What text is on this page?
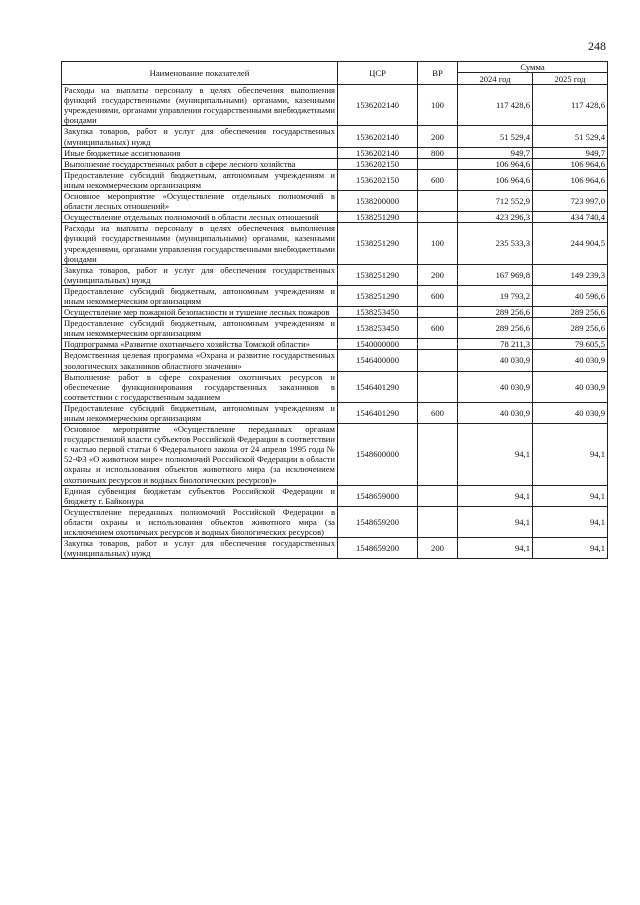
248
Наименование показателей	ЦСР	ВР	Сумма	
			2024 год	2025 год
Расходы на выплаты персоналу в целях обеспечения выполнения функций государственными (муниципальными) органами, казенными учреждениями, органами управления государственными внебюджетными фондами	1536202140	100	117 428,6	117 428,6
Закупка товаров, работ и услуг для обеспечения государственных (муниципальных) нужд	1536202140	200	51 529,4	51 529,4
Иные бюджетные ассигнования	1536202140	800	949,7	949,7
Выполнение государственных работ в сфере лесного хозяйства	1536202150		106 964,6	106 964,6
Предоставление субсидий бюджетным, автономным учреждениям и иным некоммерческим организациям	1536202150	600	106 964,6	106 964,6
Основное мероприятие «Осуществление отдельных полномочий в области лесных отношений»	1538200000		712 552,9	723 997,0
Осуществление отдельных полномочий в области лесных отношений	1538251290		423 296,3	434 740,4
Расходы на выплаты персоналу в целях обеспечения выполнения функций государственными (муниципальными) органами, казенными учреждениями, органами управления государственными внебюджетными фондами	1538251290	100	235 533,3	244 904,5
Закупка товаров, работ и услуг для обеспечения государственных (муниципальных) нужд	1538251290	200	167 969,8	149 239,3
Предоставление субсидий бюджетным, автономным учреждениям и иным некоммерческим организациям	1538251290	600	19 793,2	40 596,6
Осуществление мер пожарной безопасности и тушение лесных пожаров	1538253450		289 256,6	289 256,6
Предоставление субсидий бюджетным, автономным учреждениям и иным некоммерческим организациям	1538253450	600	289 256,6	289 256,6
Подпрограмма «Развитие охотничьего хозяйства Томской области»	1540000000		78 211,3	79 605,5
Ведомственная целевая программа «Охрана и развитие государственных зоологических заказников областного значения»	1546400000		40 030,9	40 030,9
Выполнение работ в сфере сохранения охотничьих ресурсов и обеспечение функционирования государственных заказников в соответствии с государственным заданием	1546401290		40 030,9	40 030,9
Предоставление субсидий бюджетным, автономным учреждениям и иным некоммерческим организациям	1546401290	600	40 030,9	40 030,9
Основное мероприятие «Осуществление переданных органам государственной власти субъектов Российской Федерации в соответствии с частью первой статьи 6 Федерального закона от 24 апреля 1995 года № 52-ФЗ «О животном мире» полномочий Российской Федерации в области охраны и использования объектов животного мира (за исключением охотничьих ресурсов и водных биологических ресурсов)»	1548600000		94,1	94,1
Единая субвенция бюджетам субъектов Российской Федерации и бюджету г. Байконура	1548659000		94,1	94,1
Осуществление переданных полномочий Российской Федерации в области охраны и использования объектов животного мира (за исключением охотничьих ресурсов и водных биологических ресурсов)	1548659200		94,1	94,1
Закупка товаров, работ и услуг для обеспечения государственных (муниципальных) нужд	1548659200	200	94,1	94,1
